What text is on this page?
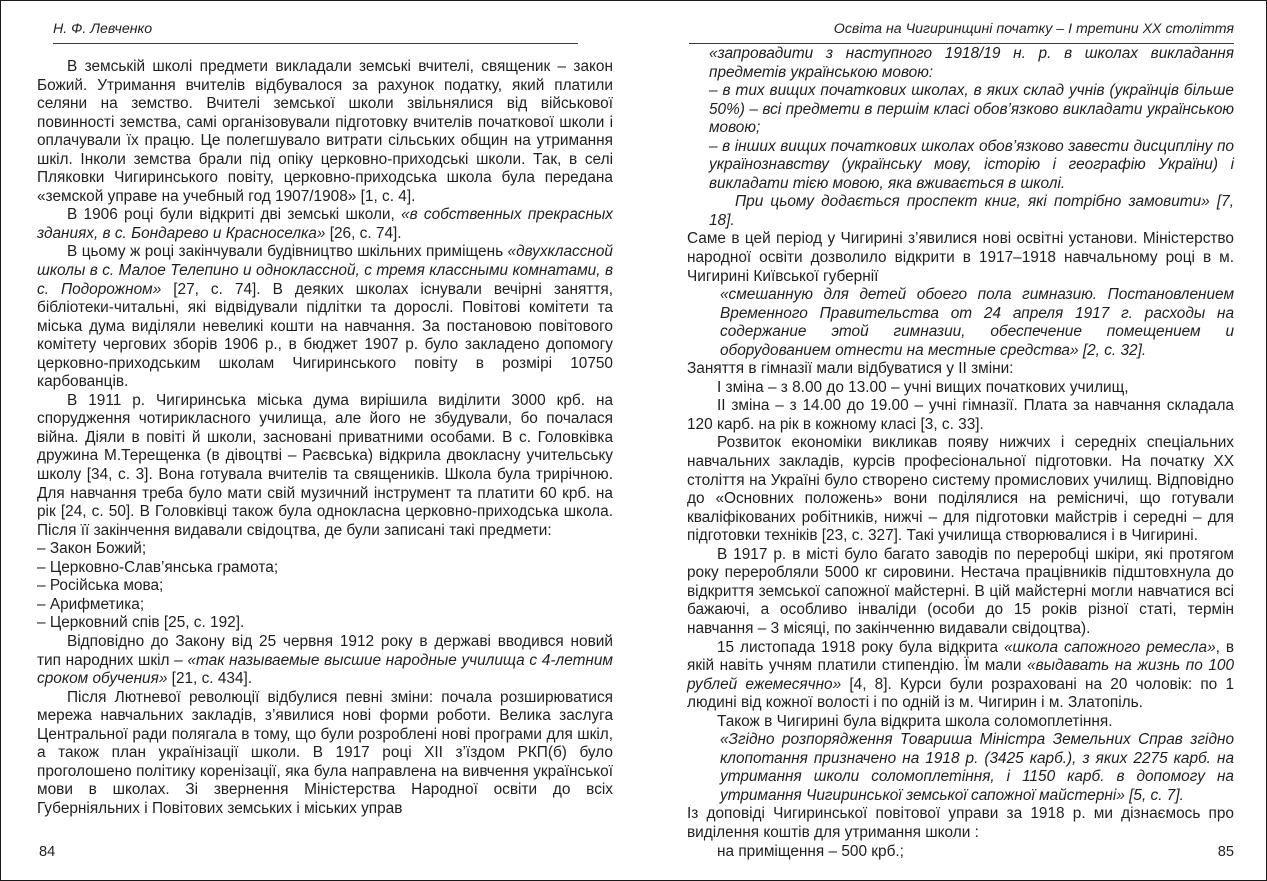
Н. Ф. Левченко	Освіта на Чигиринщині початку – І третини ХХ століття

В земській школі предмети викладали земські вчителі, священик – закон Божий. Утримання вчителів відбувалося за рахунок податку, який платили селяни на земство. Вчителі земської школи звільнялися від військової повинності земства, самі організовували підготовку вчителів початкової школи і оплачували їх працю. Це полегшувало витрати сільських общин на утримання шкіл. Інколи земства брали під опіку церковно-приходські школи. Так, в селі Пляковки Чигиринського повіту, церковно-приходська школа була передана «земской управе на учебный год 1907/1908» [1, с. 4].

В 1906 році були відкриті дві земські школи, «в собственных прекрасных зданиях, в с. Бондарево и Красноселка» [26, с. 74].

В цьому ж році закінчували будівництво шкільних приміщень «двухклассной школы в с. Малое Телепино и одноклассной, с тремя классными комнатами, в с. Подорожном» [27, с. 74]. В деяких школах існували вечірні заняття, бібліотеки-читальні, які відвідували підлітки та дорослі. Повітові комітети та міська дума виділяли невеликі кошти на навчання. За постановою повітового комітету чергових зборів 1906 р., в бюджет 1907 р. було закладено допомогу церковно-приходським школам Чигиринського повіту в розмірі 10750 карбованців.

В 1911 р. Чигиринська міська дума вирішила виділити 3000 крб. на спорудження чотирикласного училища, але його не збудували, бо почалася війна. Діяли в повіті й школи, засновані приватними особами. В с. Головківка дружина М.Терещенка (в дівоцтві – Раєвська) відкрила двокласну учительську школу [34, с. 3]. Вона готувала вчителів та священиків. Школа була трирічною. Для навчання треба було мати свій музичний інструмент та платити 60 крб. на рік [24, с. 50]. В Головківці також була однокласна церковно-приходська школа. Після її закінчення видавали свідоцтва, де були записані такі предмети:

– Закон Божий;

– Церковно-Слав’янська грамота;

– Російська мова;

– Арифметика;

– Церковний спів [25, с. 192].

Відповідно до Закону від 25 червня 1912 року в державі вводився новий тип народних шкіл – «так называемые высшие народные училища с 4-летним сроком обучения» [21, с. 434].

Після Лютневої революції відбулися певні зміни: почала розширюватися мережа навчальних закладів, з’явилися нові форми роботи. Велика заслуга Центральної ради полягала в тому, що були розроблені нові програми для шкіл, а також план українізації школи. В 1917 році ХІІ з’їздом РКП(б) було проголошено політику коренізації, яка була направлена на вивчення української мови в школах. Зі звернення Міністерства Народної освіти до всіх Губерніяльних і Повітових земських і міських управ

«запровадити з наступного 1918/19 н. р. в школах викладання предметів українською мовою:

– в тих вищих початкових школах, в яких склад учнів (українців більше 50%) – всі предмети в першім класі обов’язково викладати українською мовою;

– в інших вищих початкових школах обов’язково завести дисципліну по українознавству (українську мову, історію і географію України) і викладати тією мовою, яка вживається в школі.

При цьому додається проспект книг, які потрібно замовити» [7, 18].

Саме в цей період у Чигирині з’явилися нові освітні установи. Міністерство народної освіти дозволило відкрити в 1917–1918 навчальному році в м. Чигирині Київської губернії

«смешанную для детей обоего пола гимназию. Постановлением Временного Правительства от 24 апреля 1917 г. расходы на содержание этой гимназии, обеспечение помещением и оборудованием отнести на местные средства» [2, с. 32].

Заняття в гімназії мали відбуватися у ІІ зміни:

І зміна – з 8.00 до 13.00 – учні вищих початкових училищ,

ІІ зміна – з 14.00 до 19.00 – учні гімназії. Плата за навчання складала 120 карб. на рік в кожному класі [3, с. 33].

Розвиток економіки викликав появу нижчих і середніх спеціальних навчальних закладів, курсів професіональної підготовки. На початку ХХ століття на Україні було створено систему промислових училищ. Відповідно до «Основних положень» вони поділялися на ремісничі, що готували кваліфікованих робітників, нижчі – для підготовки майстрів і середні – для підготовки техніків [23, с. 327]. Такі училища створювалися і в Чигирині.

В 1917 р. в місті було багато заводів по переробці шкіри, які протягом року переробляли 5000 кг сировини. Нестача працівників підштовхнула до відкриття земської сапожної майстерні. В цій майстерні могли навчатися всі бажаючі, а особливо інваліди (особи до 15 років різної статі, термін навчання – 3 місяці, по закінченню видавали свідоцтва).

15 листопада 1918 року була відкрита «школа сапожного ремесла», в якій навіть учням платили стипендію. Їм мали «выдавать на жизнь по 100 рублей ежемесячно» [4, 8]. Курси були розраховані на 20 чоловік: по 1 людині від кожної волості і по одній із м. Чигирин і м. Златопіль.

Також в Чигирині була відкрита школа соломоплетіння.

«Згідно розпорядження Товариша Міністра Земельних Справ згідно клопотання призначено на 1918 р. (3425 карб.), з яких 2275 карб. на утримання школи соломоплетіння, і 1150 карб. в допомогу на утримання Чигиринської земської сапожної майстерні» [5, с. 7].

Із доповіді Чигиринської повітової управи за 1918 р. ми дізнаємось про виділення коштів для утримання школи :

на приміщення – 500 крб.;

84	85
